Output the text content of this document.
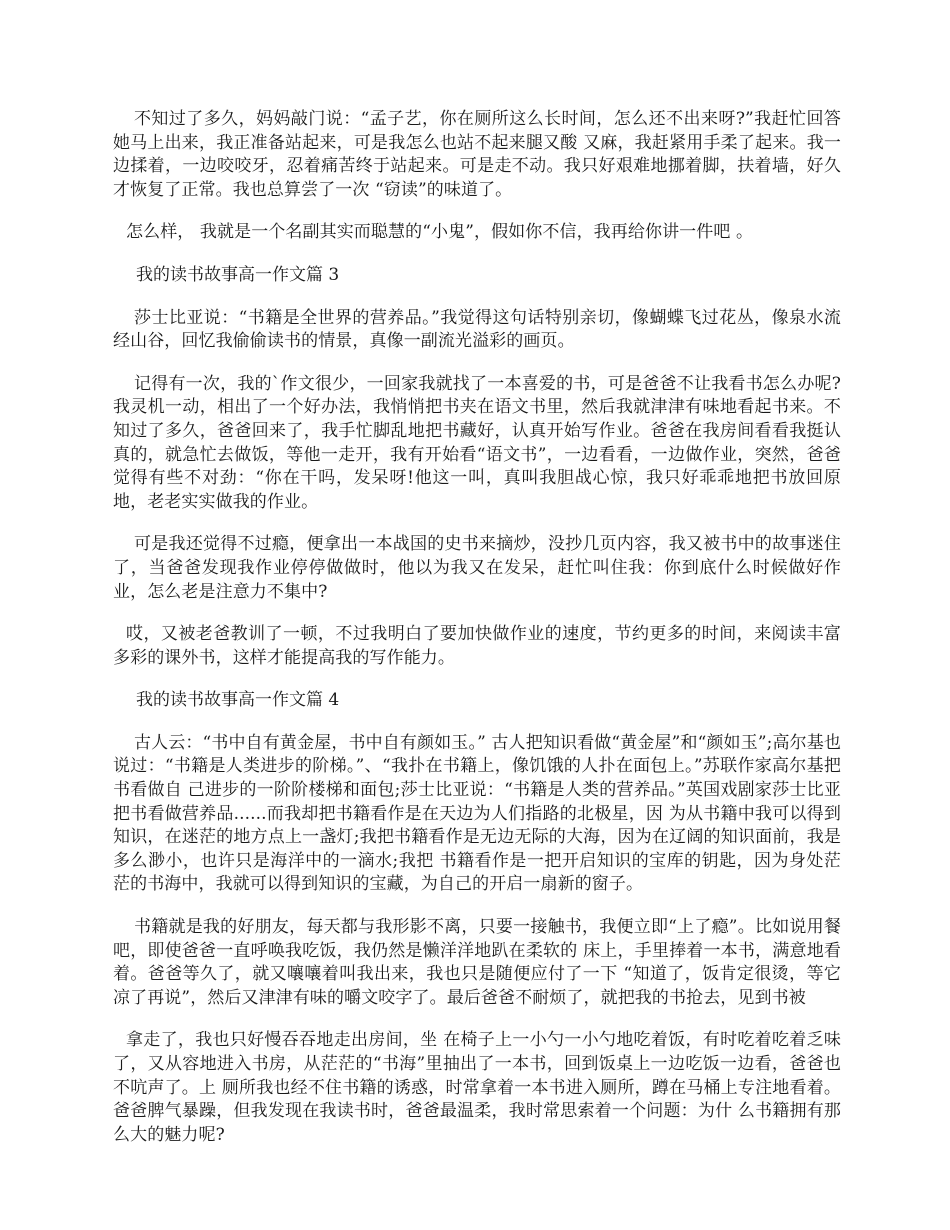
不知过了多久，妈妈敲门说：“孟子艺，你在厕所这么长时间，怎么还不出来呀?”我赶忙回答她马上出来，我正准备站起来，可是我怎么也站不起来腿又酸 又麻，我赶紧用手柔了起来。我一边揉着，一边咬咬牙，忍着痛苦终于站起来。可是走不动。我只好艰难地挪着脚，扶着墙，好久才恢复了正常。我也总算尝了一次 “窃读”的味道了。

怎么样， 我就是一个名副其实而聪慧的“小鬼”，假如你不信，我再给你讲一件吧 。

我的读书故事高一作文篇 3

莎士比亚说：“书籍是全世界的营养品。”我觉得这句话特别亲切，像蝴蝶飞过花丛，像泉水流经山谷，回忆我偷偷读书的情景，真像一副流光溢彩的画页。

记得有一次，我的`作文很少，一回家我就找了一本喜爱的书，可是爸爸不让我看书怎么办呢?我灵机一动，相出了一个好办法，我悄悄把书夹在语文书里，然后我就津津有味地看起书来。不知过了多久，爸爸回来了，我手忙脚乱地把书藏好，认真开始写作业。爸爸在我房间看看我挺认真的，就急忙去做饭，等他一走开，我有开始看“语文书”，一边看看，一边做作业，突然，爸爸觉得有些不对劲：“你在干吗，发呆呀!他这一叫，真叫我胆战心惊，我只好乖乖地把书放回原地，老老实实做我的作业。

可是我还觉得不过瘾，便拿出一本战国的史书来摘炒，没抄几页内容，我又被书中的故事迷住了，当爸爸发现我作业停停做做时，他以为我又在发呆，赶忙叫住我：你到底什么时候做好作业，怎么老是注意力不集中?

哎，又被老爸教训了一顿，不过我明白了要加快做作业的速度，节约更多的时间，来阅读丰富多彩的课外书，这样才能提高我的写作能力。

我的读书故事高一作文篇 4

古人云：“书中自有黄金屋，书中自有颜如玉。” 古人把知识看做“黄金屋”和“颜如玉”;高尔基也说过：“书籍是人类进步的阶梯。”、“我扑在书籍上，像饥饿的人扑在面包上。”苏联作家高尔基把书看做自 己进步的一阶阶楼梯和面包;莎士比亚说：“书籍是人类的营养品。”英国戏剧家莎士比亚把书看做营养品......而我却把书籍看作是在天边为人们指路的北极星，因 为从书籍中我可以得到知识，在迷茫的地方点上一盏灯;我把书籍看作是无边无际的大海，因为在辽阔的知识面前，我是多么渺小，也许只是海洋中的一滴水;我把 书籍看作是一把开启知识的宝库的钥匙，因为身处茫茫的书海中，我就可以得到知识的宝藏，为自己的开启一扇新的窗子。

书籍就是我的好朋友，每天都与我形影不离，只要一接触书，我便立即“上了瘾”。比如说用餐吧，即使爸爸一直呼唤我吃饭，我仍然是懒洋洋地趴在柔软的 床上，手里捧着一本书，满意地看着。爸爸等久了，就又嚷嚷着叫我出来，我也只是随便应付了一下 “知道了，饭肯定很烫，等它凉了再说”，然后又津津有味的嚼文咬字了。最后爸爸不耐烦了，就把我的书抢去，见到书被

拿走了，我也只好慢吞吞地走出房间，坐 在椅子上一小勺一小勺地吃着饭，有时吃着吃着乏味了，又从容地进入书房，从茫茫的“书海”里抽出了一本书，回到饭桌上一边吃饭一边看，爸爸也不吭声了。上 厕所我也经不住书籍的诱惑，时常拿着一本书进入厕所，蹲在马桶上专注地看着。爸爸脾气暴躁，但我发现在我读书时，爸爸最温柔，我时常思索着一个问题：为什 么书籍拥有那么大的魅力呢?
